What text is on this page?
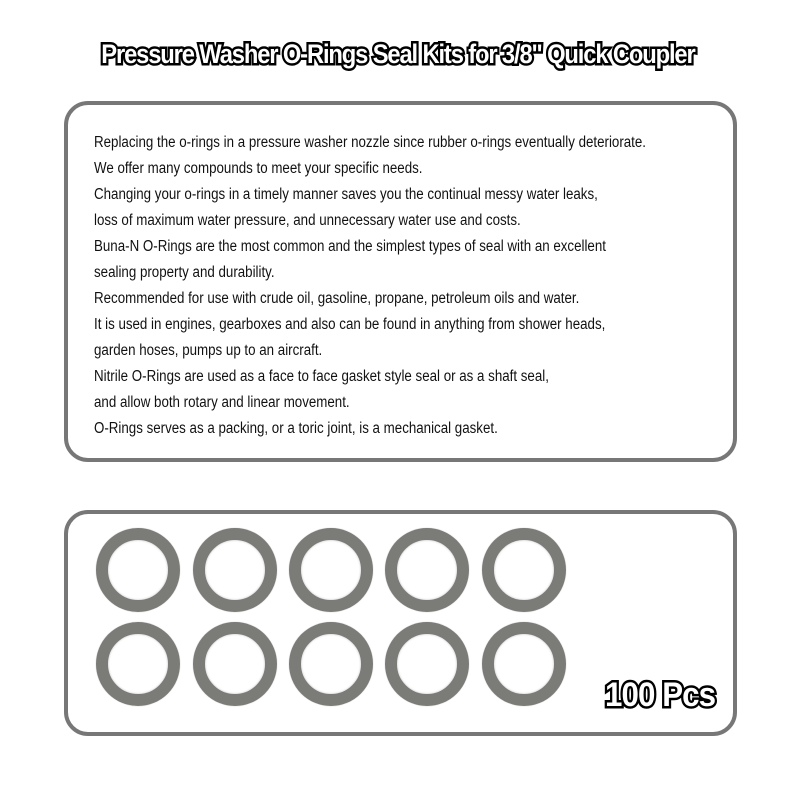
Pressure Washer O-Rings Seal Kits for 3/8" Quick Coupler
Replacing the o-rings in a pressure washer nozzle since rubber o-rings eventually deteriorate.
We offer many compounds to meet your specific needs.
Changing your o-rings in a timely manner saves you the continual messy water leaks,
loss of maximum water pressure, and unnecessary water use and costs.
Buna-N O-Rings are the most common and the simplest types of seal with an excellent
sealing property and durability.
Recommended for use with crude oil, gasoline, propane, petroleum oils and water.
It is used in engines, gearboxes and also can be found in anything from shower heads,
garden hoses, pumps up to an aircraft.
Nitrile O-Rings are used as a face to face gasket style seal or as a shaft seal,
and allow both rotary and linear movement.
O-Rings serves as a packing, or a toric joint, is a mechanical gasket.

100 Pcs
